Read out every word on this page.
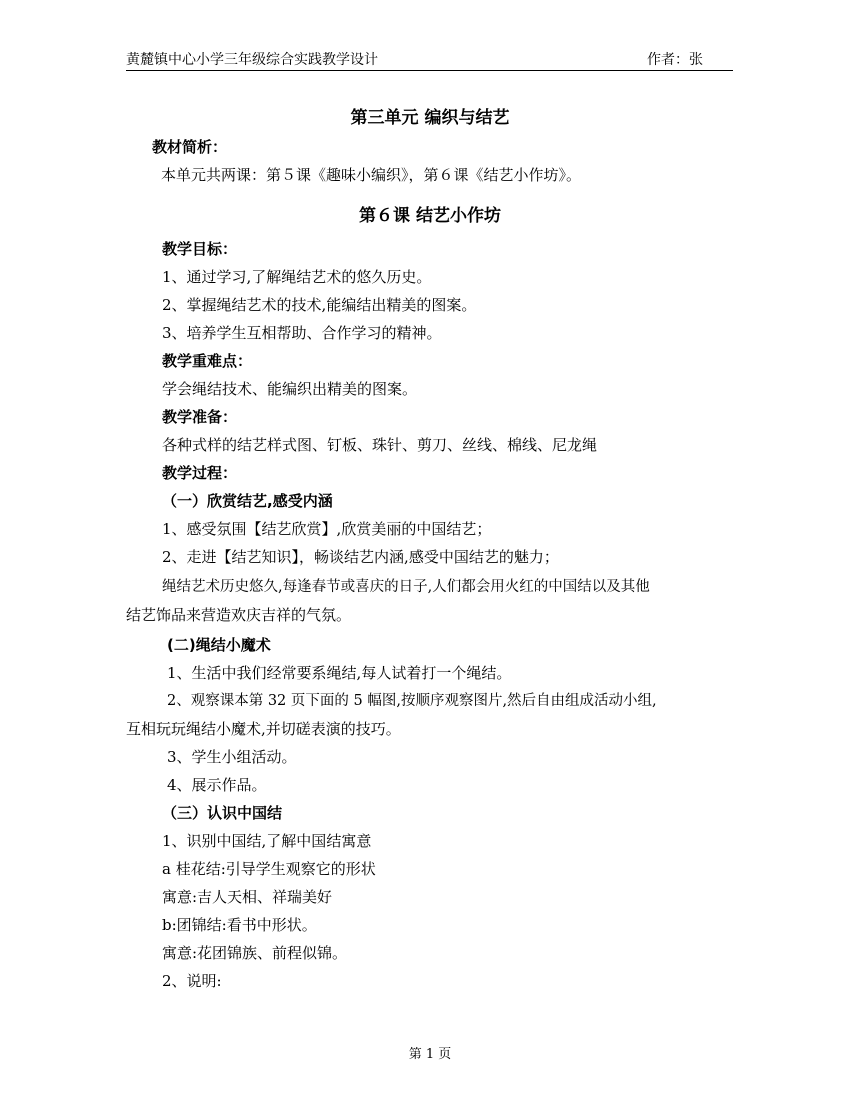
黄麓镇中心小学三年级综合实践教学设计	作者：张
第三单元 编织与结艺
教材简析：
本单元共两课：第５课《趣味小编织》，第６课《结艺小作坊》。
第６课 结艺小作坊
教学目标：
1、通过学习,了解绳结艺术的悠久历史。
2、掌握绳结艺术的技术,能编结出精美的图案。
3、培养学生互相帮助、合作学习的精神。
教学重难点：
学会绳结技术、能编织出精美的图案。
教学准备：
各种式样的结艺样式图、钉板、珠针、剪刀、丝线、棉线、尼龙绳
教学过程：
（一）欣赏结艺,感受内涵
1、感受氛围【结艺欣赏】,欣赏美丽的中国结艺；
2、走进【结艺知识】，畅谈结艺内涵,感受中国结艺的魅力；
绳结艺术历史悠久,每逢春节或喜庆的日子,人们都会用火红的中国结以及其他
结艺饰品来营造欢庆吉祥的气氛。
(二)绳结小魔术
1、生活中我们经常要系绳结,每人试着打一个绳结。
2、观察课本第 32 页下面的 5 幅图,按顺序观察图片,然后自由组成活动小组,
互相玩玩绳结小魔术,并切磋表演的技巧。
3、学生小组活动。
4、展示作品。
（三）认识中国结
1、识别中国结,了解中国结寓意
a 桂花结:引导学生观察它的形状
寓意:吉人天相、祥瑞美好
b:团锦结:看书中形状。
寓意:花团锦族、前程似锦。
2、说明:
第 1 页
